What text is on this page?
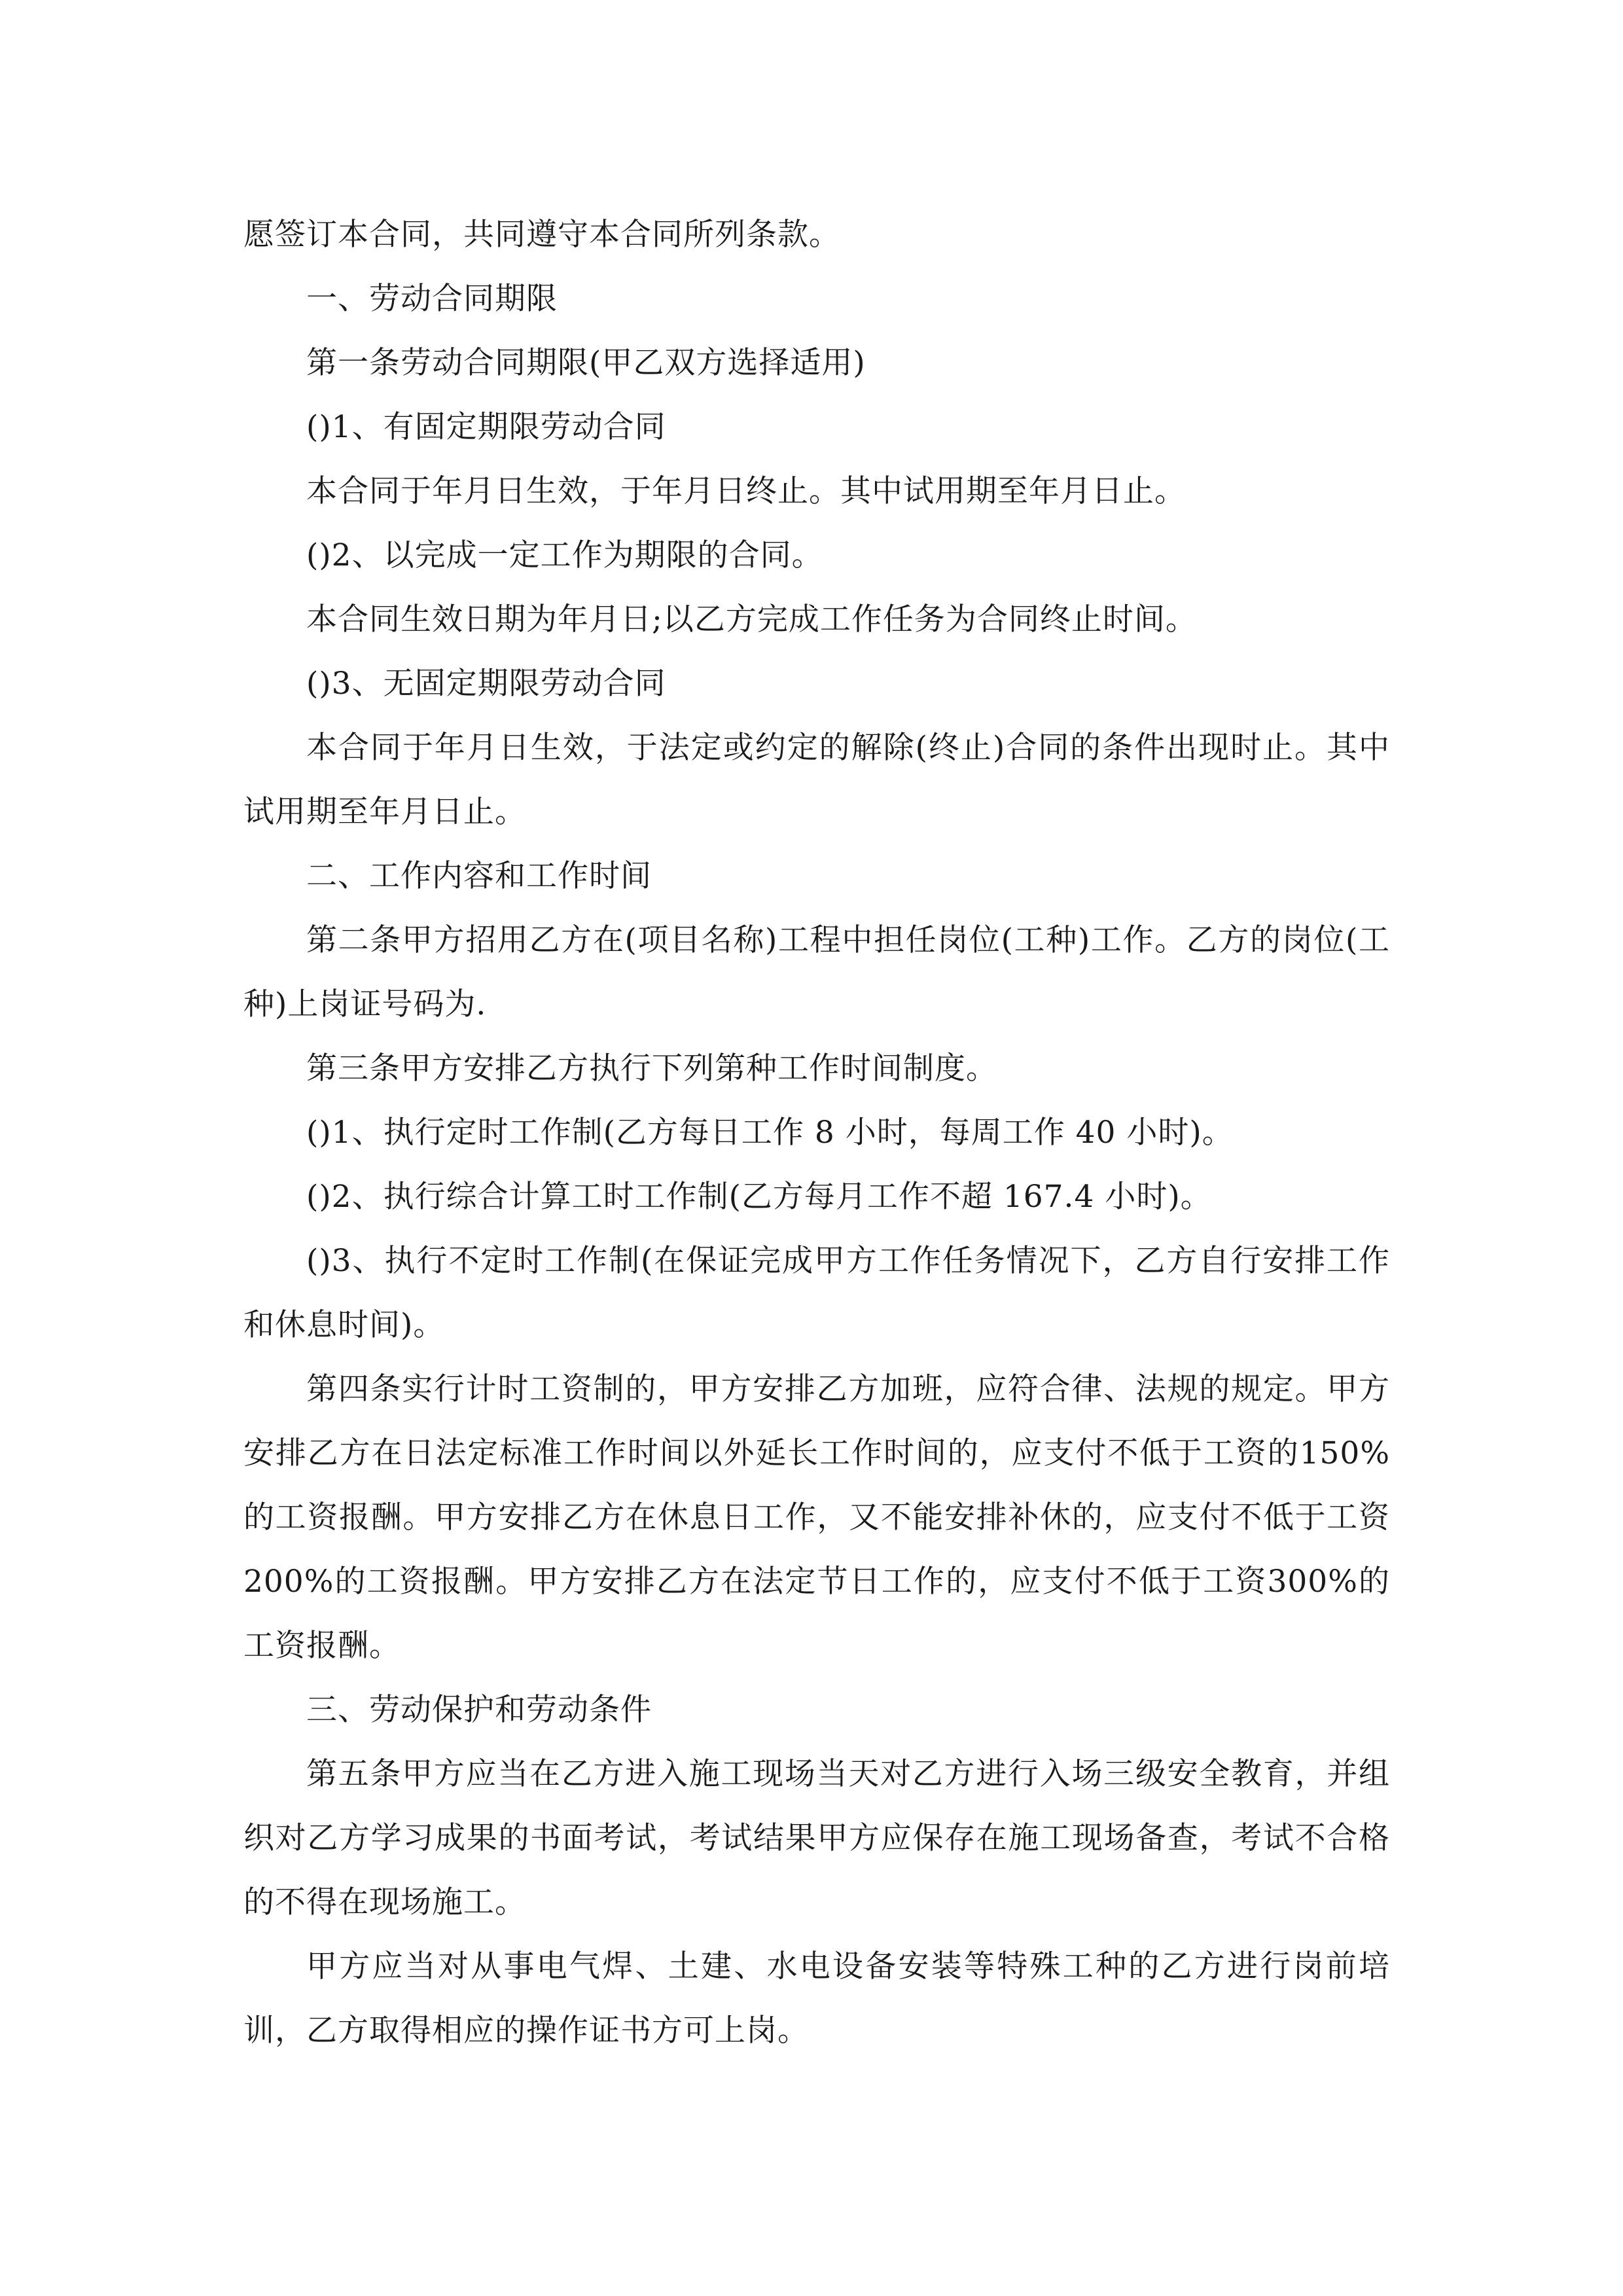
愿签订本合同，共同遵守本合同所列条款。

一、劳动合同期限

第一条劳动合同期限(甲乙双方选择适用)

()1、有固定期限劳动合同

本合同于年月日生效，于年月日终止。其中试用期至年月日止。

()2、以完成一定工作为期限的合同。

本合同生效日期为年月日;以乙方完成工作任务为合同终止时间。

()3、无固定期限劳动合同

本合同于年月日生效，于法定或约定的解除(终止)合同的条件出现时止。其中试用期至年月日止。

二、工作内容和工作时间

第二条甲方招用乙方在(项目名称)工程中担任岗位(工种)工作。乙方的岗位(工种)上岗证号码为.

第三条甲方安排乙方执行下列第种工作时间制度。

()1、执行定时工作制(乙方每日工作 8 小时，每周工作 40 小时)。

()2、执行综合计算工时工作制(乙方每月工作不超 167.4 小时)。

()3、执行不定时工作制(在保证完成甲方工作任务情况下，乙方自行安排工作和休息时间)。

第四条实行计时工资制的，甲方安排乙方加班，应符合律、法规的规定。甲方安排乙方在日法定标准工作时间以外延长工作时间的，应支付不低于工资的150%的工资报酬。甲方安排乙方在休息日工作，又不能安排补休的，应支付不低于工资 200%的工资报酬。甲方安排乙方在法定节日工作的，应支付不低于工资300%的工资报酬。

三、劳动保护和劳动条件

第五条甲方应当在乙方进入施工现场当天对乙方进行入场三级安全教育，并组织对乙方学习成果的书面考试，考试结果甲方应保存在施工现场备查，考试不合格的不得在现场施工。

甲方应当对从事电气焊、土建、水电设备安装等特殊工种的乙方进行岗前培训，乙方取得相应的操作证书方可上岗。
